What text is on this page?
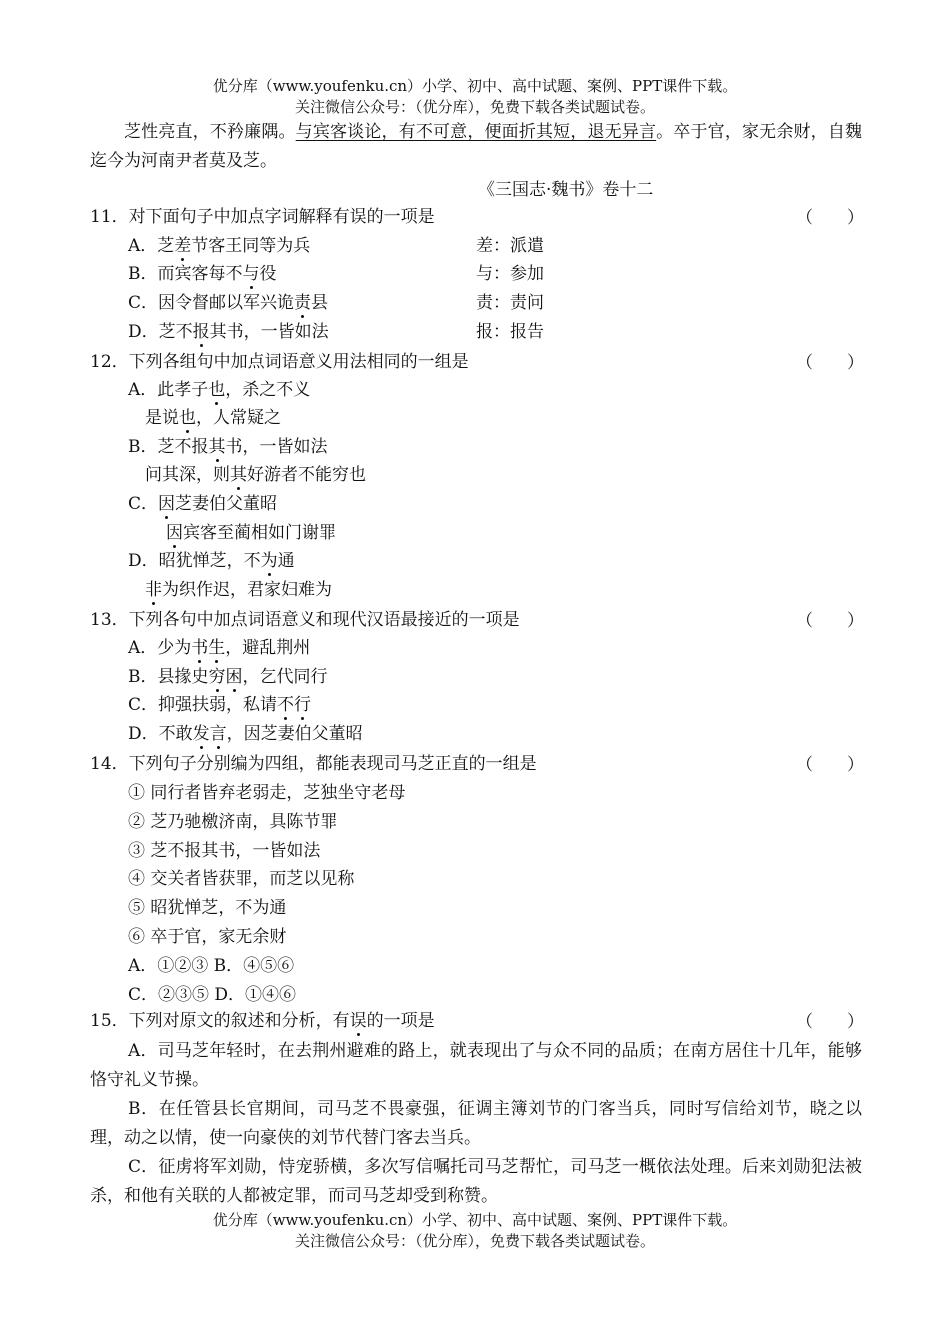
优分库（www.youfenku.cn）小学、初中、高中试题、案例、PPT课件下载。
关注微信公众号：（优分库），免费下载各类试题试卷。
芝性亮直，不矜廉隅。与宾客谈论，有不可意，便面折其短，退无异言。卒于官，家无余财，自魏迄今为河南尹者莫及芝。
《三国志·魏书》卷十二
11．对下面句子中加点字词解释有误的一项是	（　　）
A．芝差节客王同等为兵	差：派遣
B．而宾客每不与役	与：参加
C．因令督邮以军兴诡责县	责：责问
D．芝不报其书，一皆如法	报：报告
12．下列各组句中加点词语意义用法相同的一组是	（　　）
A．此孝子也，杀之不义
是说也，人常疑之
B．芝不报其书，一皆如法
问其深，则其好游者不能穷也
C．因芝妻伯父董昭
因宾客至蔺相如门谢罪
D．昭犹惮芝，不为通
非为织作迟，君家妇难为
13．下列各句中加点词语意义和现代汉语最接近的一项是	（　　）
A．少为书生，避乱荆州
B．县掾史穷困，乞代同行
C．抑强扶弱，私请不行
D．不敢发言，因芝妻伯父董昭
14．下列句子分别编为四组，都能表现司马芝正直的一组是	（　　）
① 同行者皆弃老弱走，芝独坐守老母
② 芝乃驰檄济南，具陈节罪
③ 芝不报其书，一皆如法
④ 交关者皆获罪，而芝以见称
⑤ 昭犹惮芝，不为通
⑥ 卒于官，家无余财
A．①②③ B．④⑤⑥
C．②③⑤ D．①④⑥
15．下列对原文的叙述和分析，有误的一项是	（　　）
A．司马芝年轻时，在去荆州避难的路上，就表现出了与众不同的品质；在南方居住十几年，能够恪守礼义节操。
B．在任管县长官期间，司马芝不畏豪强，征调主簿刘节的门客当兵，同时写信给刘节，晓之以理，动之以情，使一向豪侠的刘节代替门客去当兵。
C．征虏将军刘勋，恃宠骄横，多次写信嘱托司马芝帮忙，司马芝一概依法处理。后来刘勋犯法被杀，和他有关联的人都被定罪，而司马芝却受到称赞。
优分库（www.youfenku.cn）小学、初中、高中试题、案例、PPT课件下载。
关注微信公众号：（优分库），免费下载各类试题试卷。
